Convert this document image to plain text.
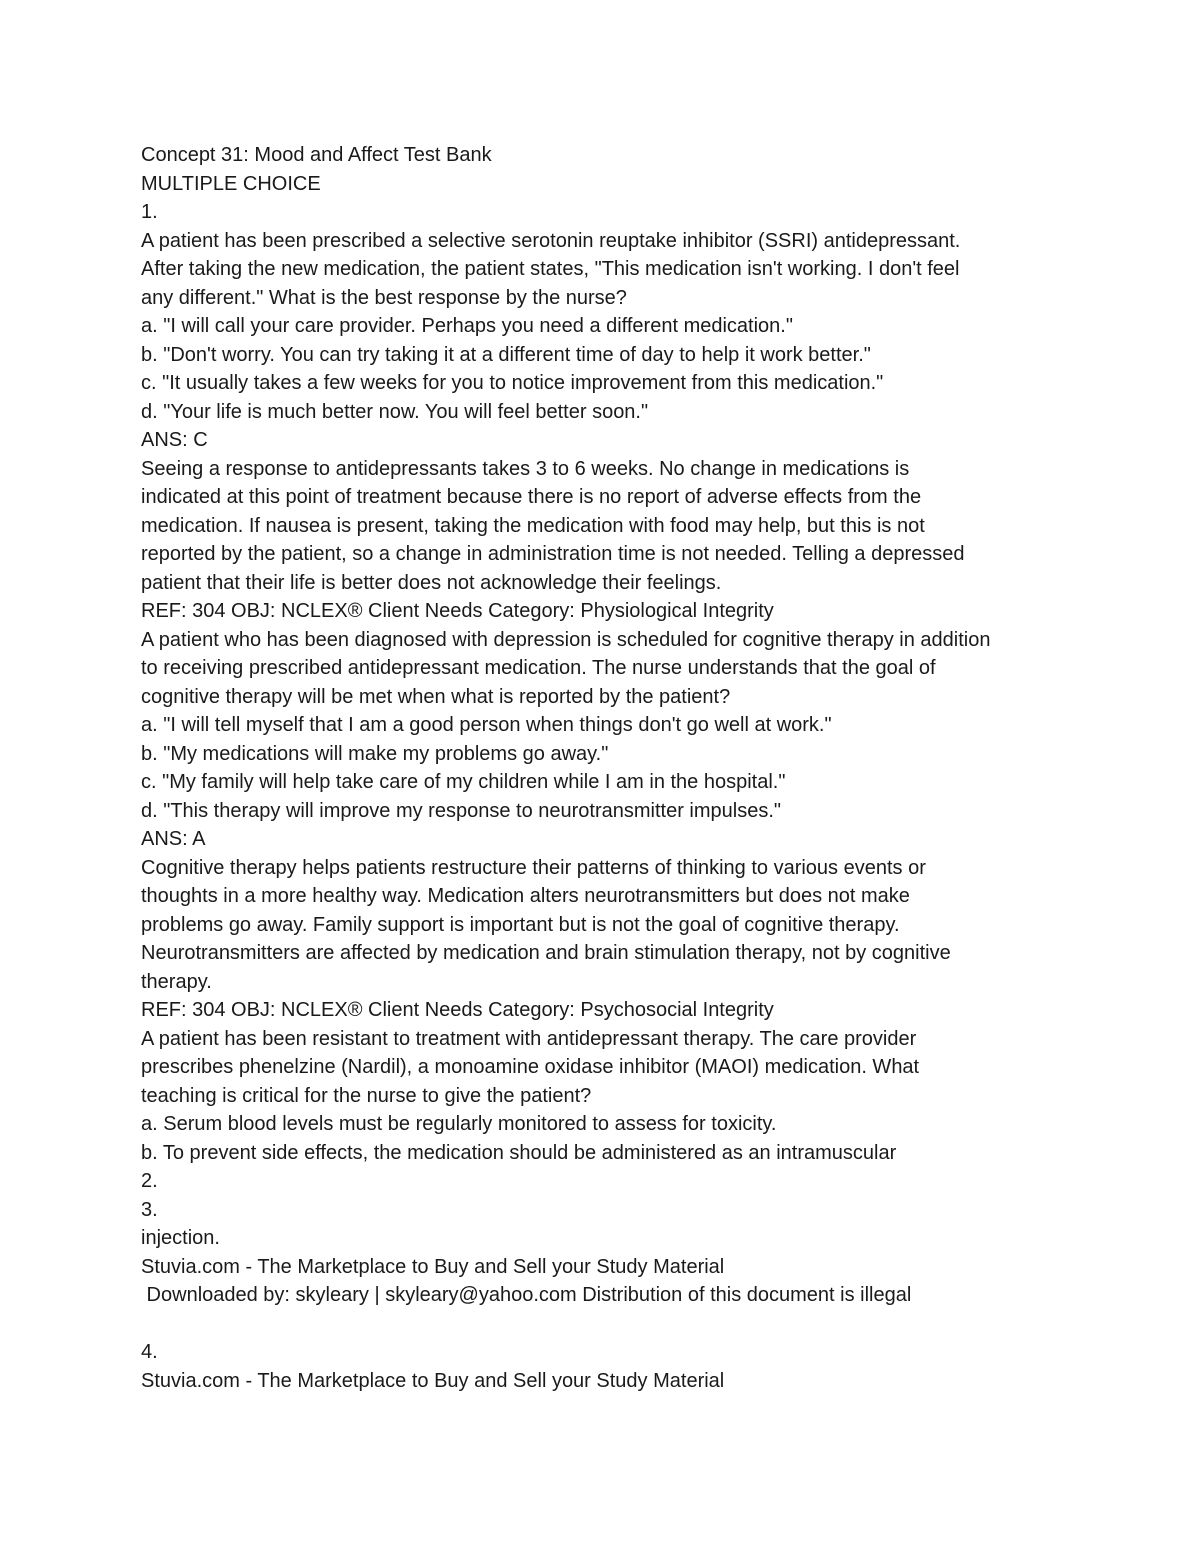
Concept 31: Mood and Affect Test Bank
MULTIPLE CHOICE
1.
A patient has been prescribed a selective serotonin reuptake inhibitor (SSRI) antidepressant.
After taking the new medication, the patient states, "This medication isn't working. I don't feel
any different." What is the best response by the nurse?
a. "I will call your care provider. Perhaps you need a different medication."
b. "Don't worry. You can try taking it at a different time of day to help it work better."
c. "It usually takes a few weeks for you to notice improvement from this medication."
d. "Your life is much better now. You will feel better soon."
ANS: C
Seeing a response to antidepressants takes 3 to 6 weeks. No change in medications is
indicated at this point of treatment because there is no report of adverse effects from the
medication. If nausea is present, taking the medication with food may help, but this is not
reported by the patient, so a change in administration time is not needed. Telling a depressed
patient that their life is better does not acknowledge their feelings.
REF: 304 OBJ: NCLEX® Client Needs Category: Physiological Integrity
A patient who has been diagnosed with depression is scheduled for cognitive therapy in addition
to receiving prescribed antidepressant medication. The nurse understands that the goal of
cognitive therapy will be met when what is reported by the patient?
a. "I will tell myself that I am a good person when things don't go well at work."
b. "My medications will make my problems go away."
c. "My family will help take care of my children while I am in the hospital."
d. "This therapy will improve my response to neurotransmitter impulses."
ANS: A
Cognitive therapy helps patients restructure their patterns of thinking to various events or
thoughts in a more healthy way. Medication alters neurotransmitters but does not make
problems go away. Family support is important but is not the goal of cognitive therapy.
Neurotransmitters are affected by medication and brain stimulation therapy, not by cognitive
therapy.
REF: 304 OBJ: NCLEX® Client Needs Category: Psychosocial Integrity
A patient has been resistant to treatment with antidepressant therapy. The care provider
prescribes phenelzine (Nardil), a monoamine oxidase inhibitor (MAOI) medication. What
teaching is critical for the nurse to give the patient?
a. Serum blood levels must be regularly monitored to assess for toxicity.
b. To prevent side effects, the medication should be administered as an intramuscular
2.
3.
injection.
Stuvia.com - The Marketplace to Buy and Sell your Study Material
Downloaded by: skyleary | skyleary@yahoo.com Distribution of this document is illegal
4.
Stuvia.com - The Marketplace to Buy and Sell your Study Material
